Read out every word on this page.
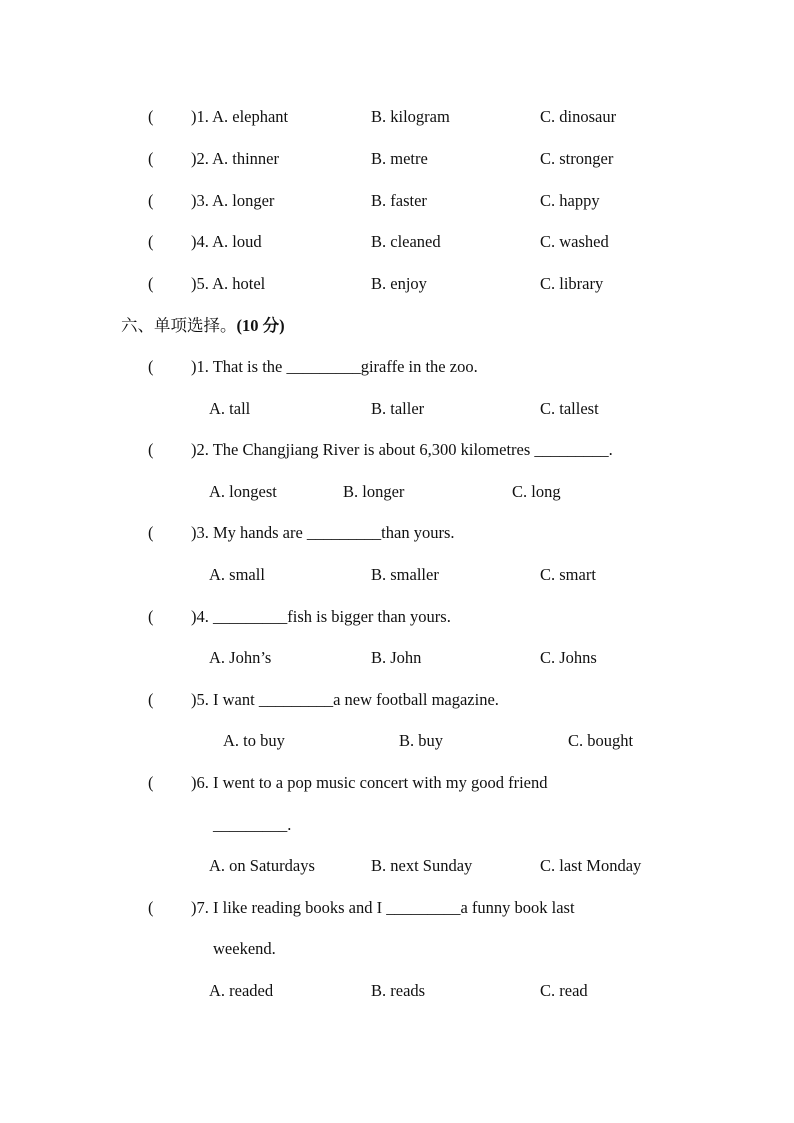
( )1. A. elephant	B. kilogram	C. dinosaur
( )2. A. thinner	B. metre	C. stronger
( )3. A. longer	B. faster	C. happy
( )4. A. loud	B. cleaned	C. washed
( )5. A. hotel	B. enjoy	C. library
六、单项选择。(10 分)
( )1. That is the _________giraffe in the zoo.
A. tall	B. taller	C. tallest
( )2. The Changjiang River is about 6,300 kilometres _________.
A. longest	B. longer	C. long
( )3. My hands are _________than yours.
A. small	B. smaller	C. smart
( )4. _________fish is bigger than yours.
A. John’s	B. John	C. Johns
( )5. I want _________a new football magazine.
A. to buy	B. buy	C. bought
( )6. I went to a pop music concert with my good friend
_________.
A. on Saturdays	B. next Sunday	C. last Monday
( )7. I like reading books and I _________a funny book last
weekend.
A. readed	B. reads	C. read
